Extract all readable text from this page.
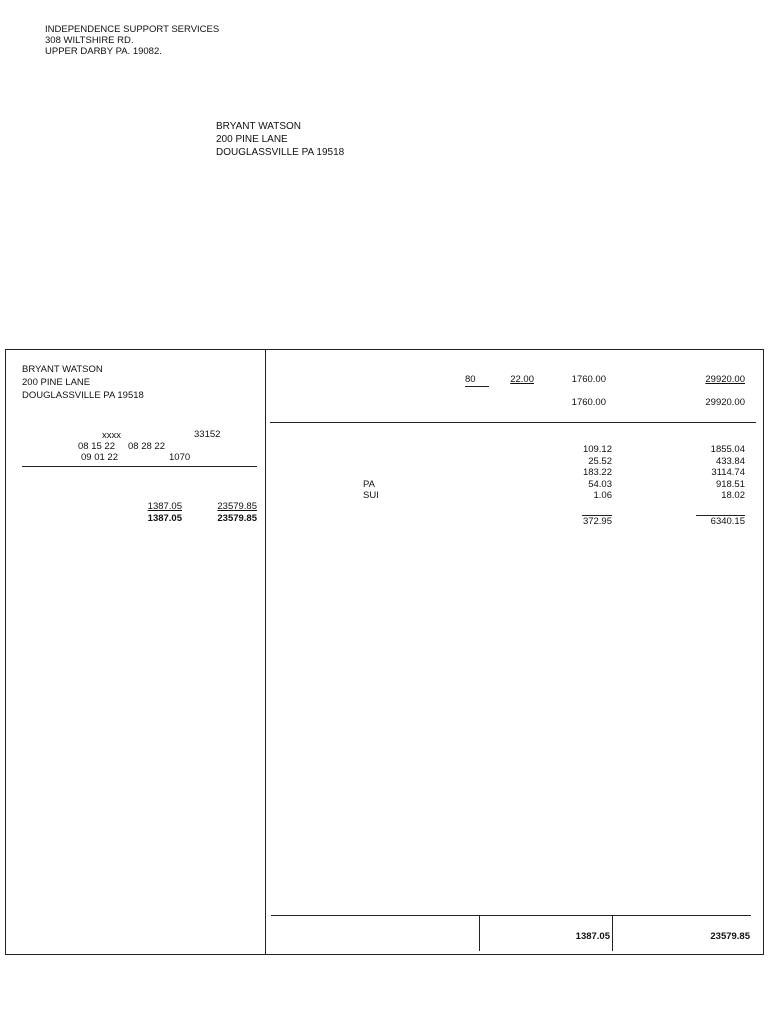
INDEPENDENCE SUPPORT SERVICES
308 WILTSHIRE RD.
UPPER DARBY PA. 19082.
BRYANT WATSON
200 PINE LANE
DOUGLASSVILLE PA 19518
BRYANT WATSON
200 PINE LANE
DOUGLASSVILLE PA 19518
xxxx	33152
08 15 22 08 28 22
09 01 22	1070
1387.05	23579.85
1387.05	23579.85
80	22.00	1760.00	29920.00
1760.00	29920.00
109.12	1855.04
25.52	433.84
183.22	3114.74
PA	54.03	918.51
SUI	1.06	18.02
372.95	6340.15
1387.05	23579.85
